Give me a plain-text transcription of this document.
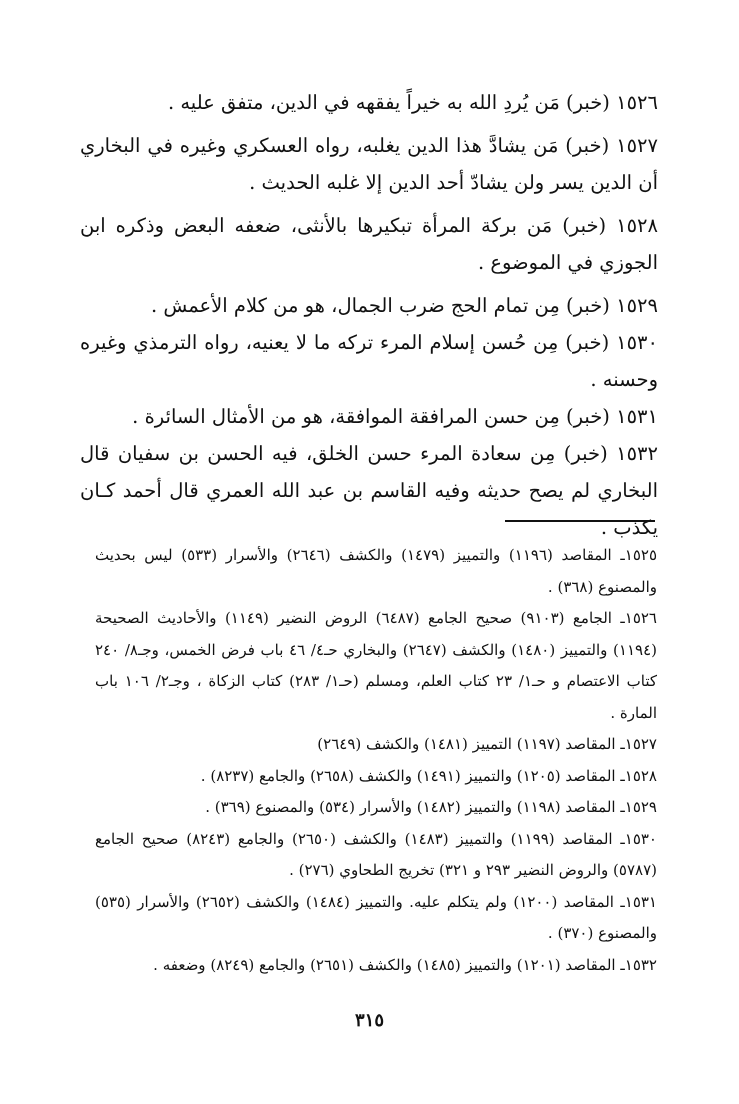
١٥٢٦ (خبر) مَن يُردِ الله به خيراً يفقهه في الدين، متفق عليه .

١٥٢٧ (خبر) مَن يشادَّ هذا الدين يغلبه، رواه العسكري وغيره في البخاري أن الدين يسر ولن يشادّ أحد الدين إلا غلبه الحديث .

١٥٢٨ (خبر) مَن بركة المرأة تبكيرها بالأنثى، ضعفه البعض وذكره ابن الجوزي في الموضوع .

١٥٢٩ (خبر) مِن تمام الحج ضرب الجمال، هو من كلام الأعمش .

١٥٣٠ (خبر) مِن حُسن إسلام المرء تركه ما لا يعنيه، رواه الترمذي وغيره وحسنه .

١٥٣١ (خبر) مِن حسن المرافقة الموافقة، هو من الأمثال السائرة .

١٥٣٢ (خبر) مِن سعادة المرء حسن الخلق، فيه الحسن بن سفيان قال البخاري لم يصح حديثه وفيه القاسم بن عبد الله العمري قال أحمد كـان يكذب .

١٥٢٥ـ المقاصد (١١٩٦) والتمييز (١٤٧٩) والكشف (٢٦٤٦) والأسرار (٥٣٣) ليس بحديث والمصنوع (٣٦٨) .

١٥٢٦ـ الجامع (٩١٠٣) صحيح الجامع (٦٤٨٧) الروض النضير (١١٤٩) والأحاديث الصحيحة (١١٩٤) والتمييز (١٤٨٠) والكشف (٢٦٤٧) والبخاري حـ٤/ ٤٦ باب فرض الخمس، وجـ٨/ ٢٤٠ كتاب الاعتصام و حـ١/ ٢٣ كتاب العلم، ومسلم (حـ١/ ٢٨٣) كتاب الزكاة ، وجـ٢/ ١٠٦ باب المارة .

١٥٢٧ـ المقاصد (١١٩٧) التمييز (١٤٨١) والكشف (٢٦٤٩)

١٥٢٨ـ المقاصد (١٢٠٥) والتمييز (١٤٩١) والكشف (٢٦٥٨) والجامع (٨٢٣٧) .

١٥٢٩ـ المقاصد (١١٩٨) والتمييز (١٤٨٢) والأسرار (٥٣٤) والمصنوع (٣٦٩) .

١٥٣٠ـ المقاصد (١١٩٩) والتمييز (١٤٨٣) والكشف (٢٦٥٠) والجامع (٨٢٤٣) صحيح الجامع (٥٧٨٧) والروض النضير ٢٩٣ و ٣٢١) تخريج الطحاوي (٢٧٦) .

١٥٣١ـ المقاصد (١٢٠٠) ولم يتكلم عليه. والتمييز (١٤٨٤) والكشف (٢٦٥٢) والأسرار (٥٣٥) والمصنوع (٣٧٠) .

١٥٣٢ـ المقاصد (١٢٠١) والتمييز (١٤٨٥) والكشف (٢٦٥١) والجامع (٨٢٤٩) وضعفه .

٣١٥
